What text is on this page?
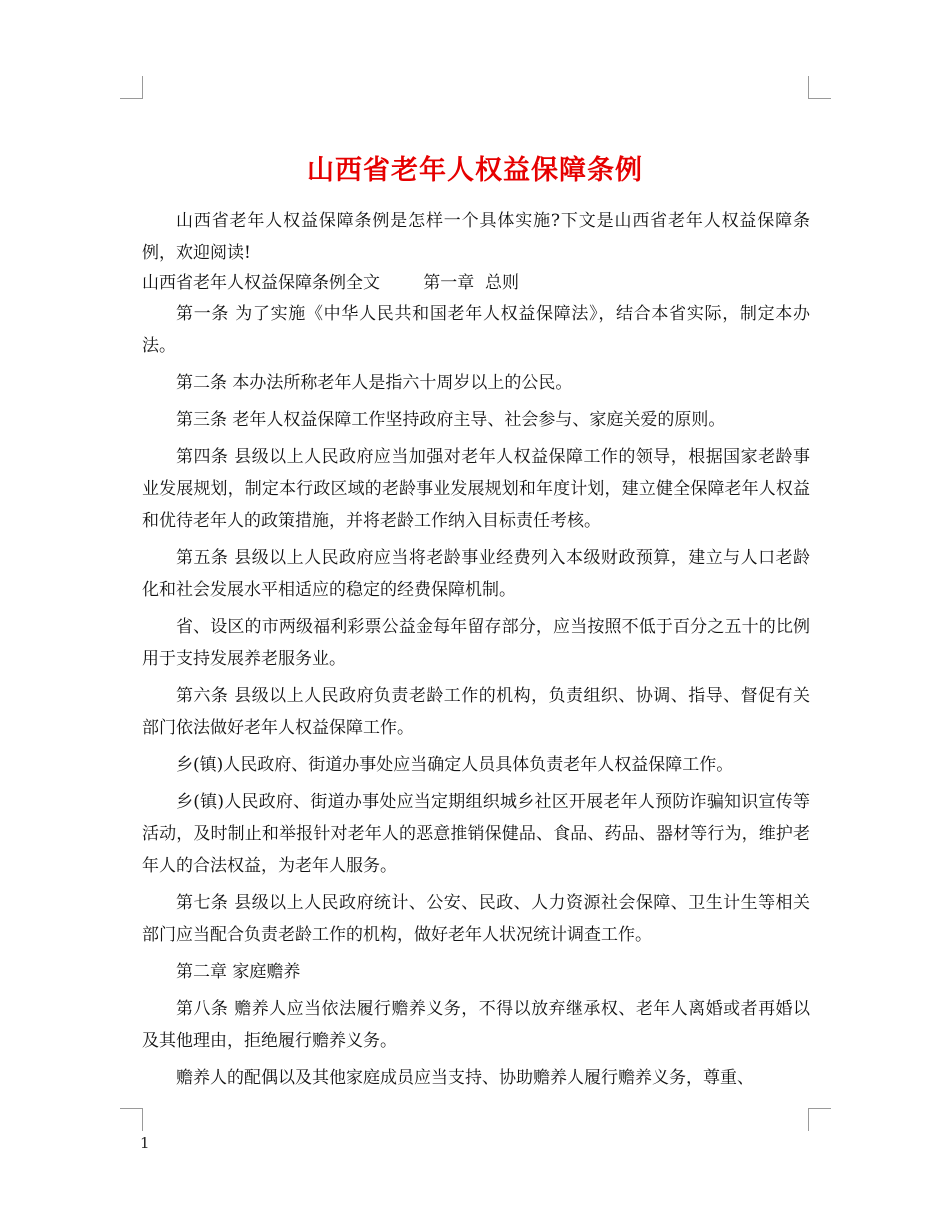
山西省老年人权益保障条例

山西省老年人权益保障条例是怎样一个具体实施?下文是山西省老年人权益保障条例，欢迎阅读!

山西省老年人权益保障条例全文        第一章  总则

第一条 为了实施《中华人民共和国老年人权益保障法》，结合本省实际，制定本办法。

第二条 本办法所称老年人是指六十周岁以上的公民。

第三条 老年人权益保障工作坚持政府主导、社会参与、家庭关爱的原则。

第四条 县级以上人民政府应当加强对老年人权益保障工作的领导，根据国家老龄事业发展规划，制定本行政区域的老龄事业发展规划和年度计划，建立健全保障老年人权益和优待老年人的政策措施，并将老龄工作纳入目标责任考核。

第五条 县级以上人民政府应当将老龄事业经费列入本级财政预算，建立与人口老龄化和社会发展水平相适应的稳定的经费保障机制。

省、设区的市两级福利彩票公益金每年留存部分，应当按照不低于百分之五十的比例用于支持发展养老服务业。

第六条 县级以上人民政府负责老龄工作的机构，负责组织、协调、指导、督促有关部门依法做好老年人权益保障工作。

乡(镇)人民政府、街道办事处应当确定人员具体负责老年人权益保障工作。

乡(镇)人民政府、街道办事处应当定期组织城乡社区开展老年人预防诈骗知识宣传等活动，及时制止和举报针对老年人的恶意推销保健品、食品、药品、器材等行为，维护老年人的合法权益，为老年人服务。

第七条 县级以上人民政府统计、公安、民政、人力资源社会保障、卫生计生等相关部门应当配合负责老龄工作的机构，做好老年人状况统计调查工作。

第二章 家庭赡养

第八条 赡养人应当依法履行赡养义务，不得以放弃继承权、老年人离婚或者再婚以及其他理由，拒绝履行赡养义务。

赡养人的配偶以及其他家庭成员应当支持、协助赡养人履行赡养义务，尊重、

1
